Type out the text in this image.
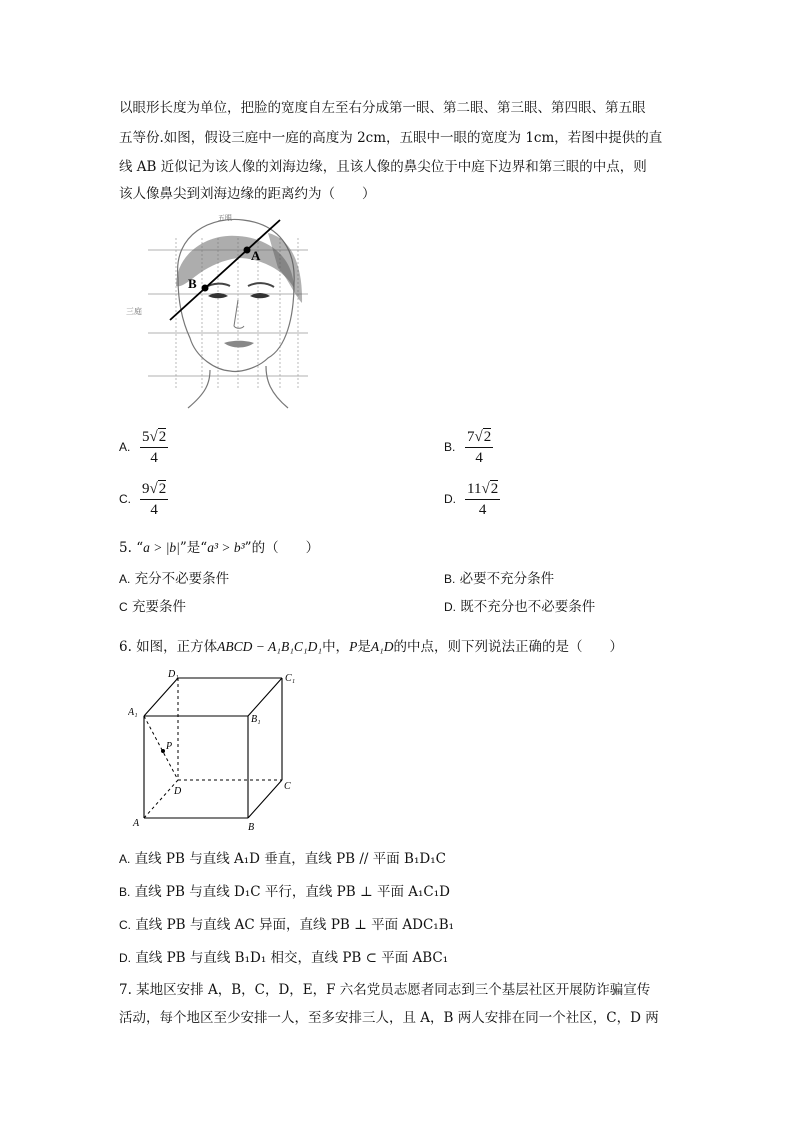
以眼形长度为单位，把脸的宽度自左至右分成第一眼、第二眼、第三眼、第四眼、第五眼
五等份.如图，假设三庭中一庭的高度为 2cm，五眼中一眼的宽度为 1cm，若图中提供的直
线 AB 近似记为该人像的刘海边缘，且该人像的鼻尖位于中庭下边界和第三眼的中点，则
该人像鼻尖到刘海边缘的距离约为（　　）
A
B
五眼
三庭
A. $\frac{5√2}{4}$	B. $\frac{7√2}{4}$
C. $\frac{9√2}{4}$	D. $\frac{11√2}{4}$
5. “a > |b|”是“a³ > b³”的（　　）
A. 充分不必要条件	B. 必要不充分条件
C 充要条件	D. 既不充分也不必要条件
6. 如图，正方体ABCD − A₁B₁C₁D₁中，P是A₁D的中点，则下列说法正确的是（　　）
D₁	C₁
A₁
B₁
P
D	C
A	B
A. 直线 PB 与直线 A₁D 垂直，直线 PB // 平面 B₁D₁C
B. 直线 PB 与直线 D₁C 平行，直线 PB ⊥ 平面 A₁C₁D
C. 直线 PB 与直线 AC 异面，直线 PB ⊥ 平面 ADC₁B₁
D. 直线 PB 与直线 B₁D₁ 相交，直线 PB ⊂ 平面 ABC₁
7. 某地区安排 A，B，C，D，E，F 六名党员志愿者同志到三个基层社区开展防诈骗宣传
活动，每个地区至少安排一人，至多安排三人，且 A，B 两人安排在同一个社区，C，D 两
